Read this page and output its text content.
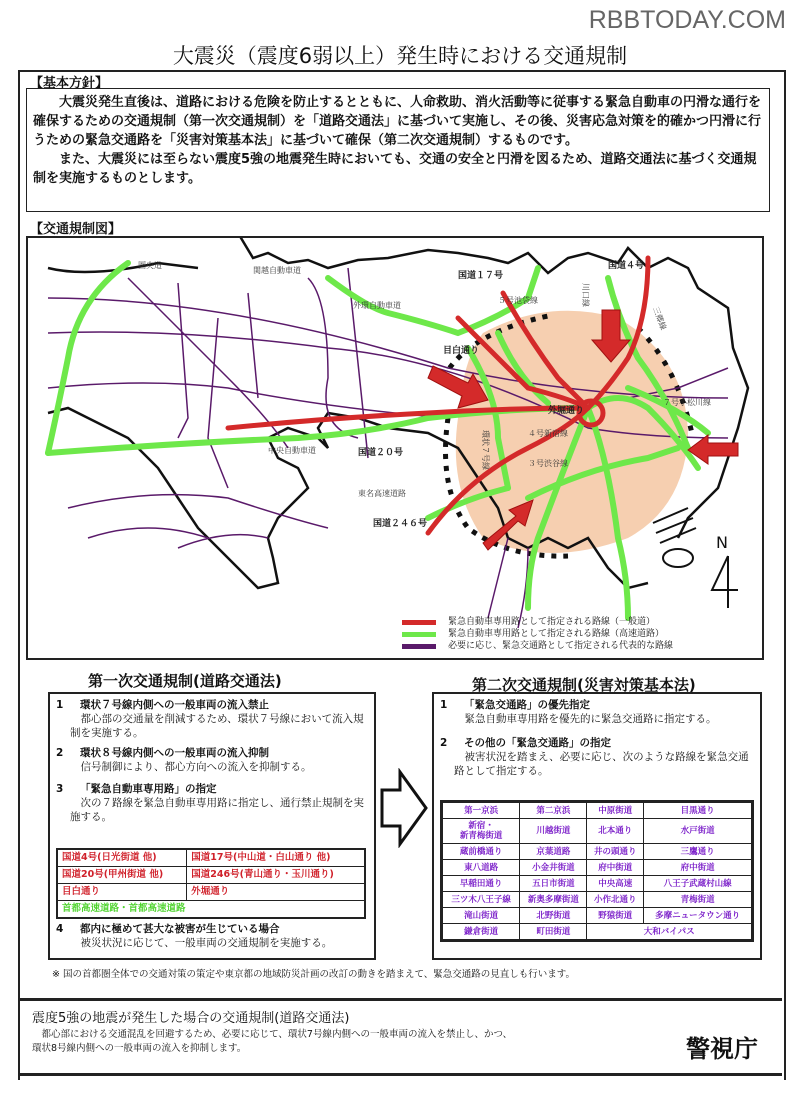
RBBTODAY.COM
大震災（震度6弱以上）発生時における交通規制
【基本方針】

大震災発生直後は、道路における危険を防止するとともに、人命救助、消火活動等に従事する緊急自動車の円滑な通行を確保するための交通規制（第一次交通規制）を「道路交通法」に基づいて実施し、その後、災害応急対策を的確かつ円滑に行うための緊急交通路を「災害対策基本法」に基づいて確保（第二次交通規制）するものです。

また、大震災には至らない震度5強の地震発生時においても、交通の安全と円滑を図るため、道路交通法に基づく交通規制を実施するものとします。

【交通規制図】
圏央道
関越自動車道
外環自動車道
中央自動車道
東名高速道路
国道１７号
国道４号
国道２０号
国道２４６号
目白通り
外堀通り
環状７号線	４号新宿線
３号渋谷線
７号小松川線
５号池袋線	川口線
三郷線
N
緊急自動車専用路として指定される路線（一般道）
緊急自動車専用路として指定される路線（高速道路）
必要に応じ、緊急交通路として指定される代表的な路線
第一次交通規制(道路交通法)
1 環状７号線内側への一般車両の流入禁止
都心部の交通量を削減するため、環状７号線において流入規制を実施する。
2 環状８号線内側への一般車両の流入抑制
信号制御により、都心方向への流入を抑制する。
3 「緊急自動車専用路」の指定
次の７路線を緊急自動車専用路に指定し、通行禁止規制を実施する。
国道4号(日光街道 他)	国道17号(中山道・白山通り 他)
国道20号(甲州街道 他)	国道246号(青山通り・玉川通り)
目白通り	外堀通り
首都高速道路・首都高速道路	
4 都内に極めて甚大な被害が生じている場合
被災状況に応じて、一般車両の交通規制を実施する。
第二次交通規制(災害対策基本法)
1 「緊急交通路」の優先指定
緊急自動車専用路を優先的に緊急交通路に指定する。
2 その他の「緊急交通路」の指定
被害状況を踏まえ、必要に応じ、次のような路線を緊急交通路として指定する。
第一京浜	第二京浜	中原街道	目黒通り
新宿・
新青梅街道	川越街道	北本通り	水戸街道
蔵前橋通り	京葉道路	井の頭通り	三鷹通り
東八道路	小金井街道	府中街道	府中街道
早稲田通り	五日市街道	中央高速	八王子武蔵村山線
三ツ木八王子線	新奥多摩街道	小作北通り	青梅街道
滝山街道	北野街道	野猿街道	多摩ニュータウン通り
鎌倉街道	町田街道	大和バイパス	
※ 国の首都圏全体での交通対策の策定や東京都の地域防災計画の改訂の動きを踏まえて、緊急交通路の見直しも行います。
震度5強の地震が発生した場合の交通規制(道路交通法)

都心部における交通混乱を回避するため、必要に応じて、環状7号線内側への一般車両の流入を禁止し、かつ、

環状8号線内側への一般車両の流入を抑制します。	警視庁
